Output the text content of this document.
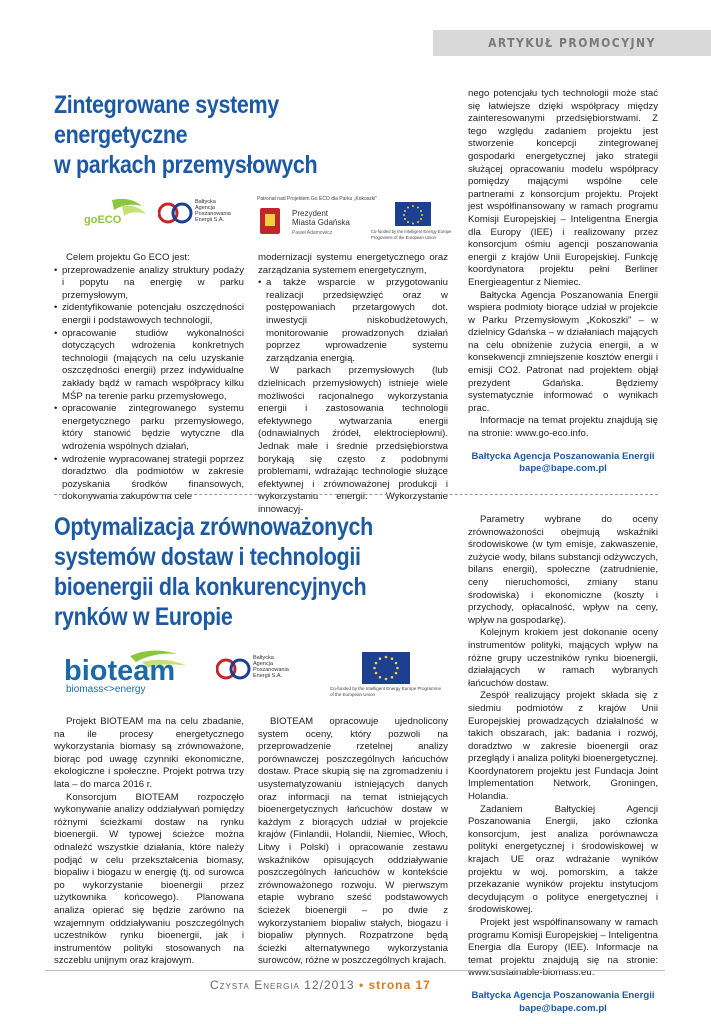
ARTYKUŁ PROMOCYJNY
Zintegrowane systemy
energetyczne
w parkach przemysłowych
goECO
Bałtycka
Agencja
Poszanowania
Energii S.A.
Patronat nad Projektem Go ECO dla Parku „Kokoszki”
Prezydent
Miasta Gdańska
Paweł Adamowicz	Co-funded by the Intelligent Energy Europe Programme of the European Union

Celem projektu Go ECO jest:

• przeprowadzenie analizy struktury podaży i popytu na energię w parku przemysłowym,

• zidentyfikowanie potencjału oszczędności energii i podstawowych technologii,

• opracowanie studiów wykonalności dotyczących wdrożenia konkretnych technologii (mających na celu uzyskanie oszczędności energii) przez indywidualne zakłady bądź w ramach współpracy kilku MŚP na terenie parku przemysłowego,

• opracowanie zintegrowanego systemu energetycznego parku przemysłowego, który stanowić będzie wytyczne dla wdrożenia wspólnych działań,

• wdrożenie wypracowanej strategii poprzez doradztwo dla podmiotów w zakresie pozyskania środków finansowych, dokonywania zakupów na cele

modernizacji systemu energetycznego oraz zarządzania systemem energetycznym,

• a także wsparcie w przygotowaniu realizacji przedsięwzięć oraz w postępowaniach przetargowych dot. inwestycji niskobudżetowych, monitorowanie prowadzonych działań poprzez wprowadzenie systemu zarządzania energią.

W parkach przemysłowych (lub dzielnicach przemysłowych) istnieje wiele możliwości racjonalnego wykorzystania energii i zastosowania technologii efektywnego wytwarzania energii (odnawialnych źródeł, elektrociepłowni). Jednak małe i średnie przedsiębiorstwa borykają się często z podobnymi problemami, wdrażając technologie służące efektywnej i zrównoważonej produkcji i wykorzystaniu energii. Wykorzystanie innowacyj-

nego potencjału tych technologii może stać się łatwiejsze dzięki współpracy między zainteresowanymi przedsiębiorstwami. Z tego względu zadaniem projektu jest stworzenie koncepcji zintegrowanej gospodarki energetycznej jako strategii służącej opracowaniu modelu współpracy pomiędzy mającymi wspólne cele partnerami z konsorcjum projektu. Projekt jest współfinansowany w ramach programu Komisji Europejskiej – Inteligentna Energia dla Europy (IEE) i realizowany przez konsorcjum ośmiu agencji poszanowania energii z krajów Unii Europejskiej. Funkcję koordynatora projektu pełni Berliner Energieagentur z Niemiec.

Bałtycka Agencja Poszanowania Energii wspiera podmioty biorące udział w projekcie w Parku Przemysłowym „Kokoszki” – w dzielnicy Gdańska – w działaniach mających na celu obniżenie zużycia energii, a w konsekwencji zmniejszenie kosztów energii i emisji CO2. Patronat nad projektem objął prezydent Gdańska. Będziemy systematycznie informować o wynikach prac.

Informacje na temat projektu znajdują się na stronie: www.go-eco.info.

Bałtycka Agencja Poszanowania Energii
bape@bape.com.pl
Optymalizacja zrównoważonych
systemów dostaw i technologii
bioenergii dla konkurencyjnych
rynków w Europie
bioteam
biomass<>energy
Bałtycka
Agencja
Poszanowania
Energii S.A.
Co-funded by the Intelligent Energy Europe Programme of the European Union

Projekt BIOTEAM ma na celu zbadanie, na ile procesy energetycznego wykorzystania biomasy są zrównoważone, biorąc pod uwagę czynniki ekonomiczne, ekologiczne i społeczne. Projekt potrwa trzy lata – do marca 2016 r.

Konsorcjum BIOTEAM rozpoczęło wykonywanie analizy oddziaływań pomiędzy różnymi ścieżkami dostaw na rynku bioenergii. W typowej ścieżce można odnaleźć wszystkie działania, które należy podjąć w celu przekształcenia biomasy, biopaliw i biogazu w energię (tj. od surowca po wykorzystanie bioenergii przez użytkownika końcowego). Planowana analiza opierać się będzie zarówno na wzajemnym oddziaływaniu poszczególnych uczestników rynku bioenergii, jak i instrumentów polityki stosowanych na szczeblu unijnym oraz krajowym.

BIOTEAM opracowuje ujednolicony system oceny, który pozwoli na przeprowadzenie rzetelnej analizy porównawczej poszczególnych łańcuchów dostaw. Prace skupią się na zgromadzeniu i usystematyzowaniu istniejących danych oraz informacji na temat istniejących bioenergetycznych łańcuchów dostaw w każdym z biorących udział w projekcie krajów (Finlandii, Holandii, Niemiec, Włoch, Litwy i Polski) i opracowanie zestawu wskaźników opisujących oddziaływanie poszczególnych łańcuchów w kontekście zrównoważonego rozwoju. W pierwszym etapie wybrano sześć podstawowych ścieżek bioenergii – po dwie z wykorzystaniem biopaliw stałych, biogazu i biopaliw płynnych. Rozpatrzone będą ścieżki alternatywnego wykorzystania surowców, różne w poszczególnych krajach.

Parametry wybrane do oceny zrównoważoności obejmują wskaźniki środowiskowe (w tym emisje, zakwaszenie, zużycie wody, bilans substancji odżywczych, bilans energii), społeczne (zatrudnienie, ceny nieruchomości, zmiany stanu środowiska) i ekonomiczne (koszty i przychody, opłacalność, wpływ na ceny, wpływ na gospodarkę).

Kolejnym krokiem jest dokonanie oceny instrumentów polityki, mających wpływ na różne grupy uczestników rynku bioenergii, działających w ramach wybranych łańcuchów dostaw.

Zespół realizujący projekt składa się z siedmiu podmiotów z krajów Unii Europejskiej prowadzących działalność w takich obszarach, jak: badania i rozwój, doradztwo w zakresie bioenergii oraz przeglądy i analiza polityki bioenergetycznej. Koordynatorem projektu jest Fundacja Joint Implementation Network, Groningen, Holandia.

Zadaniem Bałtyckiej Agencji Poszanowania Energii, jako członka konsorcjum, jest analiza porównawcza polityki energetycznej i środowiskowej w krajach UE oraz wdrażanie wyników projektu w woj. pomorskim, a także przekazanie wyników projektu instytucjom decydującym o polityce energetycznej i środowiskowej.

Projekt jest współfinansowany w ramach programu Komisji Europejskiej – Inteligentna Energia dla Europy (IEE). Informacje na temat projektu znajdują się na stronie: www.sustainable-biomass.eu.

Bałtycka Agencja Poszanowania Energii
bape@bape.com.pl
Czysta Energia 12/2013 • strona 17
